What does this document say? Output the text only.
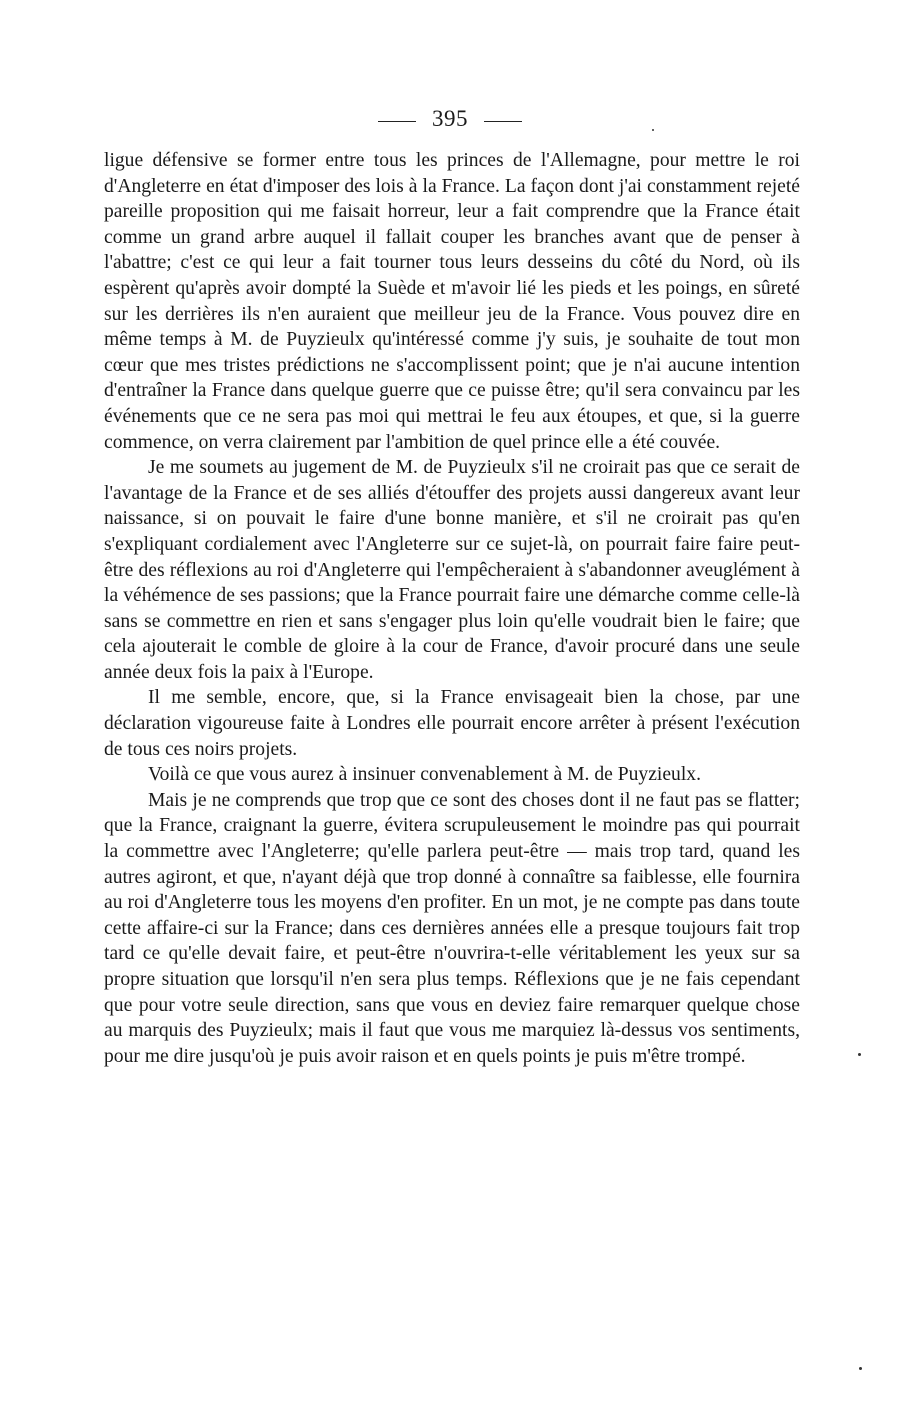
395

ligue défensive se former entre tous les princes de l'Allemagne, pour mettre le roi d'Angleterre en état d'imposer des lois à la France. La façon dont j'ai constamment rejeté pareille proposition qui me faisait horreur, leur a fait comprendre que la France était comme un grand arbre auquel il fallait couper les branches avant que de penser à l'abattre; c'est ce qui leur a fait tourner tous leurs desseins du côté du Nord, où ils espèrent qu'après avoir dompté la Suède et m'avoir lié les pieds et les poings, en sûreté sur les derrières ils n'en auraient que meilleur jeu de la France. Vous pouvez dire en même temps à M. de Puyzieulx qu'intéressé comme j'y suis, je souhaite de tout mon cœur que mes tristes prédictions ne s'accomplissent point; que je n'ai aucune intention d'entraîner la France dans quelque guerre que ce puisse être; qu'il sera convaincu par les événements que ce ne sera pas moi qui mettrai le feu aux étoupes, et que, si la guerre commence, on verra clairement par l'ambition de quel prince elle a été couvée.

Je me soumets au jugement de M. de Puyzieulx s'il ne croirait pas que ce serait de l'avantage de la France et de ses alliés d'étouffer des projets aussi dangereux avant leur naissance, si on pouvait le faire d'une bonne manière, et s'il ne croirait pas qu'en s'expliquant cordialement avec l'Angleterre sur ce sujet-là, on pourrait faire faire peut-être des réflexions au roi d'Angleterre qui l'empêcheraient à s'abandonner aveuglément à la véhémence de ses passions; que la France pourrait faire une démarche comme celle-là sans se commettre en rien et sans s'engager plus loin qu'elle voudrait bien le faire; que cela ajouterait le comble de gloire à la cour de France, d'avoir procuré dans une seule année deux fois la paix à l'Europe.

Il me semble, encore, que, si la France envisageait bien la chose, par une déclaration vigoureuse faite à Londres elle pourrait encore arrêter à présent l'exécution de tous ces noirs projets.

Voilà ce que vous aurez à insinuer convenablement à M. de Puyzieulx.

Mais je ne comprends que trop que ce sont des choses dont il ne faut pas se flatter; que la France, craignant la guerre, évitera scrupuleusement le moindre pas qui pourrait la commettre avec l'Angleterre; qu'elle parlera peut-être — mais trop tard, quand les autres agiront, et que, n'ayant déjà que trop donné à connaître sa faiblesse, elle fournira au roi d'Angleterre tous les moyens d'en profiter. En un mot, je ne compte pas dans toute cette affaire-ci sur la France; dans ces dernières années elle a presque toujours fait trop tard ce qu'elle devait faire, et peut-être n'ouvrira-t-elle véritablement les yeux sur sa propre situation que lorsqu'il n'en sera plus temps. Réflexions que je ne fais cependant que pour votre seule direction, sans que vous en deviez faire remarquer quelque chose au marquis des Puyzieulx; mais il faut que vous me marquiez là-dessus vos sentiments, pour me dire jusqu'où je puis avoir raison et en quels points je puis m'être trompé.
